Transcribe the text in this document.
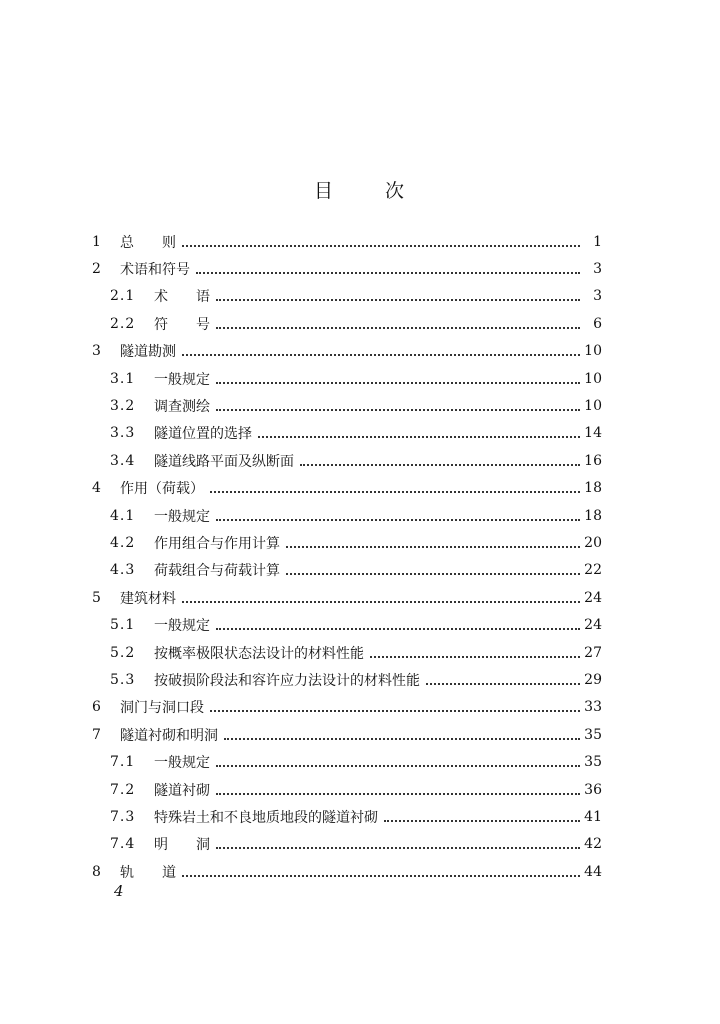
目	次
1	总　　则	1
2	术语和符号	3
2.1	术　　语	3
2.2	符　　号	6
3	隧道勘测	10
3.1	一般规定	10
3.2	调查测绘	10
3.3	隧道位置的选择	14
3.4	隧道线路平面及纵断面	16
4	作用（荷载）	18
4.1	一般规定	18
4.2	作用组合与作用计算	20
4.3	荷载组合与荷载计算	22
5	建筑材料	24
5.1	一般规定	24
5.2	按概率极限状态法设计的材料性能	27
5.3	按破损阶段法和容许应力法设计的材料性能	29
6	洞门与洞口段	33
7	隧道衬砌和明洞	35
7.1	一般规定	35
7.2	隧道衬砌	36
7.3	特殊岩土和不良地质地段的隧道衬砌	41
7.4	明　　洞	42
8	轨　　道	44
4
